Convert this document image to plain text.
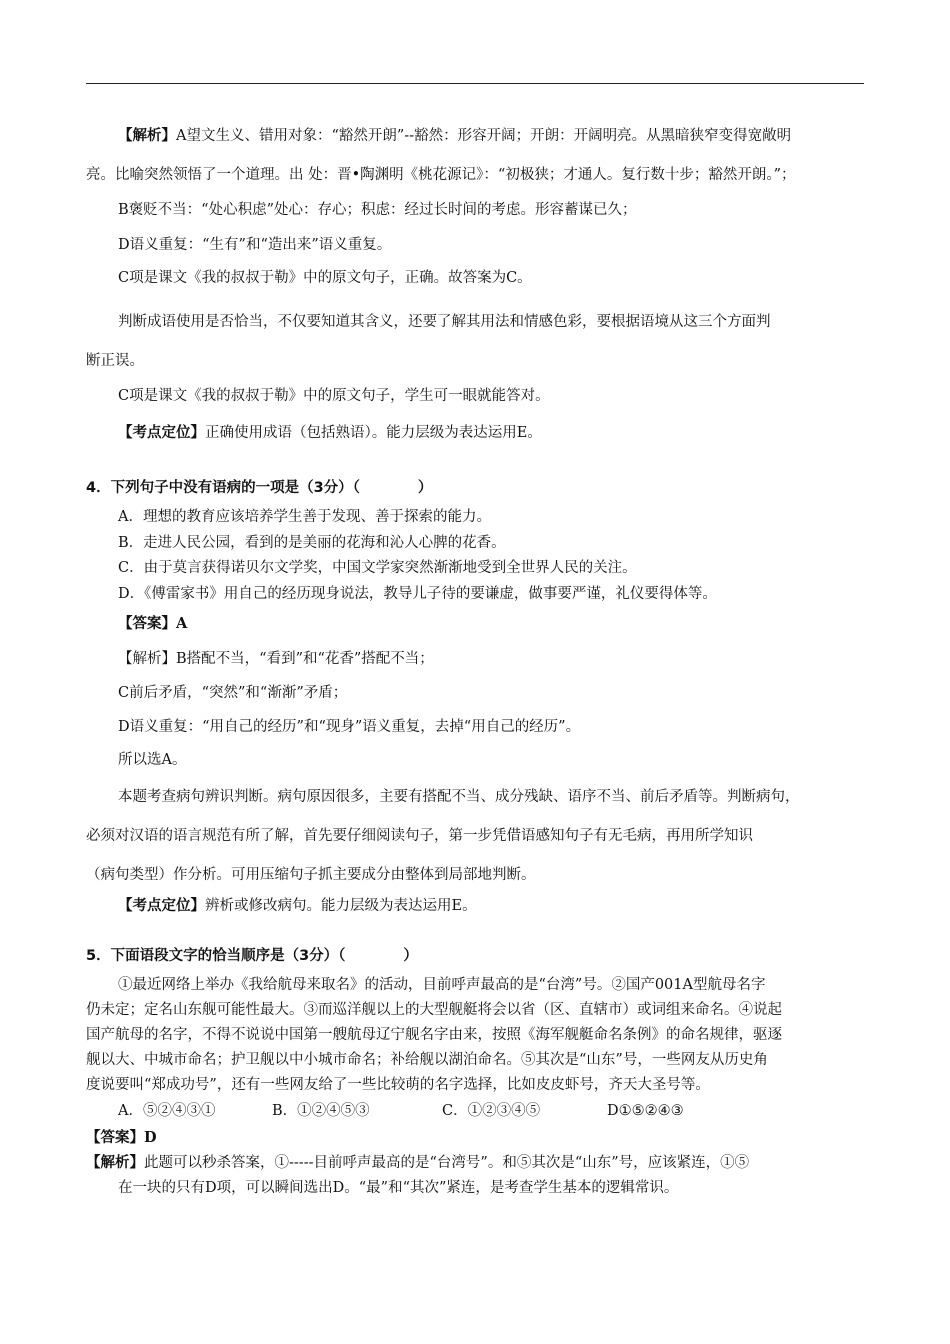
【解析】A望文生义、错用对象：“豁然开朗”--豁然：形容开阔；开朗：开阔明亮。从黑暗狭窄变得宽敞明
亮。比喻突然领悟了一个道理。出 处：晋•陶渊明《桃花源记》：“初极狭；才通人。复行数十步；豁然开朗。”；
B褒贬不当：“处心积虑”处心：存心；积虑：经过长时间的考虑。形容蓄谋已久；
D语义重复：“生有”和“造出来”语义重复。
C项是课文《我的叔叔于勒》中的原文句子，正确。故答案为C。
判断成语使用是否恰当，不仅要知道其含义，还要了解其用法和情感色彩，要根据语境从这三个方面判
断正误。
C项是课文《我的叔叔于勒》中的原文句子，学生可一眼就能答对。
【考点定位】正确使用成语（包括熟语）。能力层级为表达运用E。
4．下列句子中没有语病的一项是（3分）（　　　　）
A．理想的教育应该培养学生善于发现、善于探索的能力。
B．走进人民公园，看到的是美丽的花海和沁人心脾的花香。
C．由于莫言获得诺贝尔文学奖，中国文学家突然渐渐地受到全世界人民的关注。
D．《傅雷家书》用自己的经历现身说法，教导儿子待的要谦虚，做事要严谨，礼仪要得体等。
【答案】A
【解析】B搭配不当，“看到”和“花香”搭配不当；
C前后矛盾，“突然”和“渐渐”矛盾；
D语义重复：“用自己的经历”和“现身”语义重复，去掉“用自己的经历”。
所以选A。
本题考查病句辨识判断。病句原因很多，主要有搭配不当、成分残缺、语序不当、前后矛盾等。判断病句，
必须对汉语的语言规范有所了解，首先要仔细阅读句子，第一步凭借语感知句子有无毛病，再用所学知识
（病句类型）作分析。可用压缩句子抓主要成分由整体到局部地判断。
【考点定位】辨析或修改病句。能力层级为表达运用E。
5．下面语段文字的恰当顺序是（3分）（　　　　）
①最近网络上举办《我给航母来取名》的活动，目前呼声最高的是“台湾”号。②国产001A型航母名字
仍未定；定名山东舰可能性最大。③而巡洋舰以上的大型舰艇将会以省（区、直辖市）或词组来命名。④说起
国产航母的名字，不得不说说中国第一艘航母辽宁舰名字由来，按照《海军舰艇命名条例》的命名规律，驱逐
舰以大、中城市命名；护卫舰以中小城市命名；补给舰以湖泊命名。⑤其次是“山东”号，一些网友从历史角
度说要叫“郑成功号”，还有一些网友给了一些比较萌的名字选择，比如皮皮虾号，齐天大圣号等。
A．⑤②④③①	B．①②④⑤③	C．①②③④⑤	D①⑤②④③
【答案】D
【解析】此题可以秒杀答案，①-----目前呼声最高的是“台湾号”。和⑤其次是“山东”号，应该紧连，①⑤
在一块的只有D项，可以瞬间选出D。“最”和“其次”紧连，是考查学生基本的逻辑常识。
